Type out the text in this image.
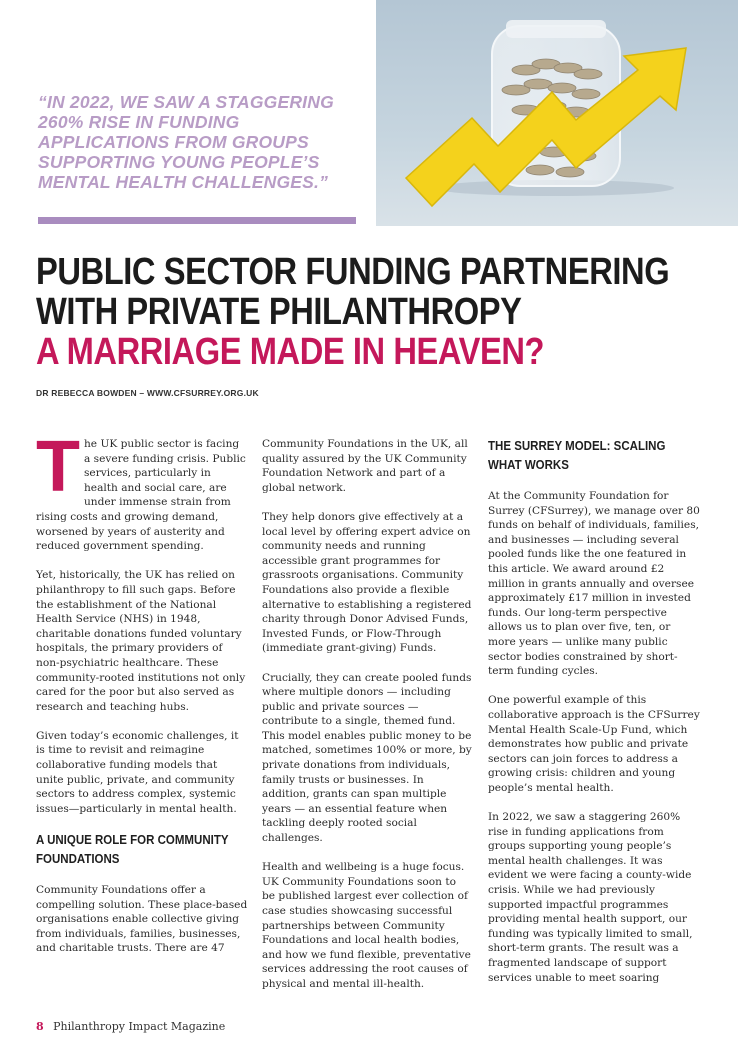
“IN 2022, WE SAW A STAGGERING 260% RISE IN FUNDING APPLICATIONS FROM GROUPS SUPPORTING YOUNG PEOPLE’S MENTAL HEALTH CHALLENGES.”

PUBLIC SECTOR FUNDING PARTNERING
WITH PRIVATE PHILANTHROPY
A MARRIAGE MADE IN HEAVEN?
DR REBECCA BOWDEN – WWW.CFSURREY.ORG.UK

The UK public sector is facing a severe funding crisis. Public services, particularly in health and social care, are under immense strain from rising costs and growing demand, worsened by years of austerity and reduced government spending.

Yet, historically, the UK has relied on philanthropy to fill such gaps. Before the establishment of the National Health Service (NHS) in 1948, charitable donations funded voluntary hospitals, the primary providers of non-psychiatric healthcare. These community-rooted institutions not only cared for the poor but also served as research and teaching hubs.

Given today’s economic challenges, it is time to revisit and reimagine collaborative funding models that unite public, private, and community sectors to address complex, systemic issues—particularly in mental health.

A UNIQUE ROLE FOR COMMUNITY FOUNDATIONS

Community Foundations offer a compelling solution. These place-based organisations enable collective giving from individuals, families, businesses, and charitable trusts. There are 47

Community Foundations in the UK, all quality assured by the UK Community Foundation Network and part of a global network.

They help donors give effectively at a local level by offering expert advice on community needs and running accessible grant programmes for grassroots organisations. Community Foundations also provide a flexible alternative to establishing a registered charity through Donor Advised Funds, Invested Funds, or Flow-Through (immediate grant-giving) Funds.

Crucially, they can create pooled funds where multiple donors — including public and private sources — contribute to a single, themed fund. This model enables public money to be matched, sometimes 100% or more, by private donations from individuals, family trusts or businesses. In addition, grants can span multiple years — an essential feature when tackling deeply rooted social challenges.

Health and wellbeing is a huge focus. UK Community Foundations soon to be published largest ever collection of case studies showcasing successful partnerships between Community Foundations and local health bodies, and how we fund flexible, preventative services addressing the root causes of physical and mental ill-health.

THE SURREY MODEL: SCALING WHAT WORKS

At the Community Foundation for Surrey (CFSurrey), we manage over 80 funds on behalf of individuals, families, and businesses — including several pooled funds like the one featured in this article. We award around £2 million in grants annually and oversee approximately £17 million in invested funds. Our long-term perspective allows us to plan over five, ten, or more years — unlike many public sector bodies constrained by short-term funding cycles.

One powerful example of this collaborative approach is the CFSurrey Mental Health Scale-Up Fund, which demonstrates how public and private sectors can join forces to address a growing crisis: children and young people’s mental health.

In 2022, we saw a staggering 260% rise in funding applications from groups supporting young people’s mental health challenges. It was evident we were facing a county-wide crisis. While we had previously supported impactful programmes providing mental health support, our funding was typically limited to small, short-term grants. The result was a fragmented landscape of support services unable to meet soaring

8 Philanthropy Impact Magazine
